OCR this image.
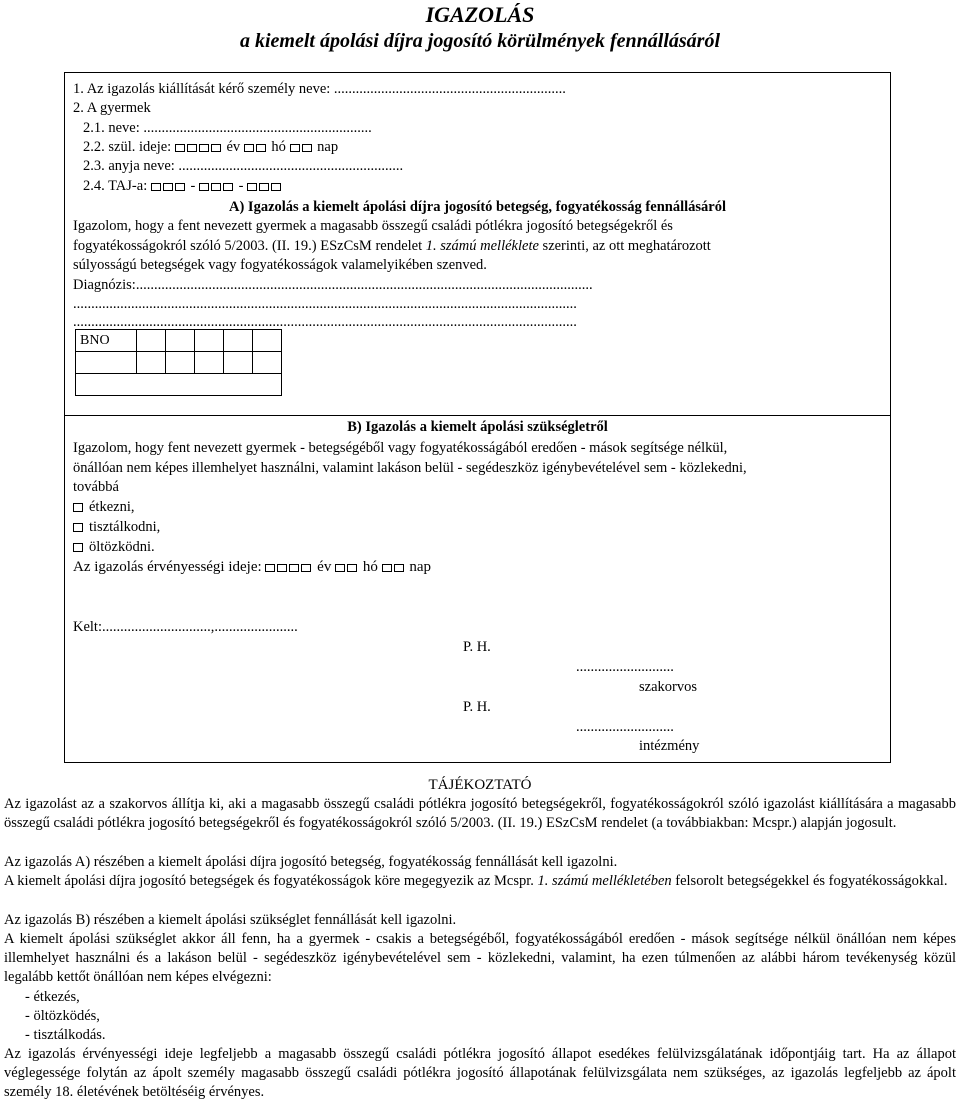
IGAZOLÁS
a kiemelt ápolási díjra jogosító körülmények fennállásáról
1. Az igazolás kiállítását kérő személy neve: ................................................................
2. A gyermek
2.1. neve: ...............................................................
2.2. szül. ideje:	év hó nap
2.3. anyja neve: ..............................................................
2.4. TAJ-a:	-	-
A) Igazolás a kiemelt ápolási díjra jogosító betegség, fogyatékosság fennállásáról
Igazolom, hogy a fent nevezett gyermek a magasabb összegű családi pótlékra jogosító betegségekről és
fogyatékosságokról szóló 5/2003. (II. 19.) ESzCsM rendelet 1. számú melléklete szerinti, az ott meghatározott
súlyosságú betegségek vagy fogyatékosságok valamelyikében szenved.
Diagnózis:..............................................................................................................................
...........................................................................................................................................
...........................................................................................................................................
BNO					

B) Igazolás a kiemelt ápolási szükségletről
Igazolom, hogy fent nevezett gyermek - betegségéből vagy fogyatékosságából eredően - mások segítsége nélkül,
önállóan nem képes illemhelyet használni, valamint lakáson belül - segédeszköz igénybevételével sem - közlekedni,
továbbá
étkezni,
tisztálkodni,
öltözködni.
Az igazolás érvényességi ideje:	év hó nap
Kelt:..............................,.......................
P. H.
...........................
szakorvos
P. H.
...........................
intézmény
TÁJÉKOZTATÓ
Az igazolást az a szakorvos állítja ki, aki a magasabb összegű családi pótlékra jogosító betegségekről, fogyatékosságokról szóló igazolást kiállítására a magasabb összegű családi pótlékra jogosító betegségekről és fogyatékosságokról szóló 5/2003. (II. 19.) ESzCsM rendelet (a továbbiakban: Mcspr.) alapján jogosult.
Az igazolás A) részében a kiemelt ápolási díjra jogosító betegség, fogyatékosság fennállását kell igazolni.
A kiemelt ápolási díjra jogosító betegségek és fogyatékosságok köre megegyezik az Mcspr. 1. számú mellékletében felsorolt betegségekkel és fogyatékosságokkal.
Az igazolás B) részében a kiemelt ápolási szükséglet fennállását kell igazolni.
A kiemelt ápolási szükséglet akkor áll fenn, ha a gyermek - csakis a betegségéből, fogyatékosságából eredően - mások segítsége nélkül önállóan nem képes illemhelyet használni és a lakáson belül - segédeszköz igénybevételével sem - közlekedni, valamint, ha ezen túlmenően az alábbi három tevékenység közül legalább kettőt önállóan nem képes elvégezni:
- étkezés,
- öltözködés,
- tisztálkodás.
Az igazolás érvényességi ideje legfeljebb a magasabb összegű családi pótlékra jogosító állapot esedékes felülvizsgálatának időpontjáig tart. Ha az állapot véglegessége folytán az ápolt személy magasabb összegű családi pótlékra jogosító állapotának felülvizsgálata nem szükséges, az igazolás legfeljebb az ápolt személy 18. életévének betöltéséig érvényes.
